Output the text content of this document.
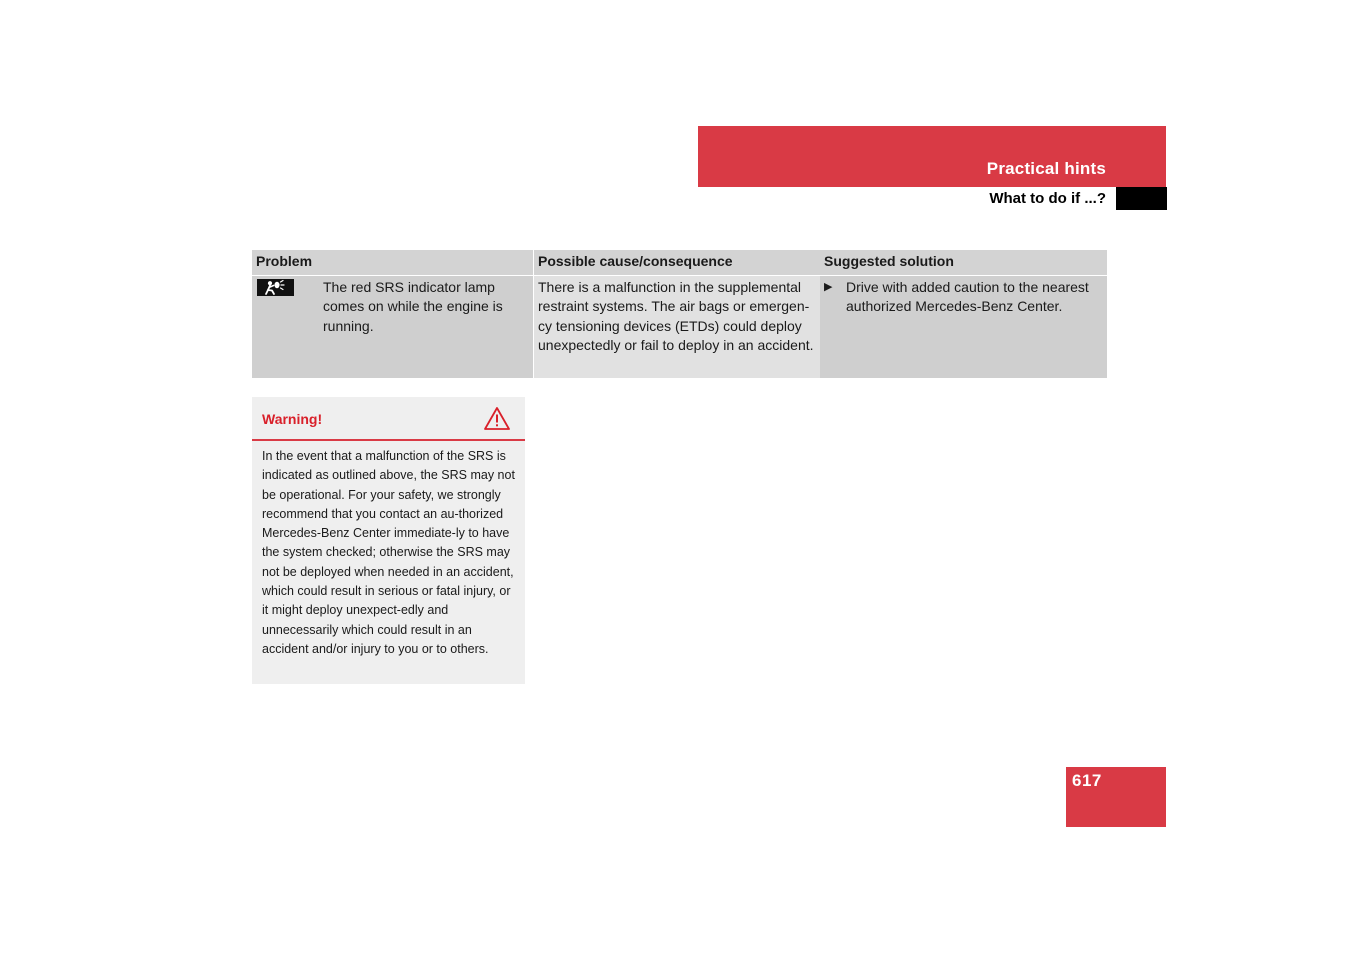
Practical hints
What to do if ...?
Problem	Possible cause/consequence	Suggested solution
The red SRS indicator lamp comes on while the engine is running.
There is a malfunction in the supplemental restraint systems. The air bags or emergen-cy tensioning devices (ETDs) could deploy unexpectedly or fail to deploy in an accident.
▶ Drive with added caution to the nearest authorized Mercedes-Benz Center.
Warning!
In the event that a malfunction of the SRS is indicated as outlined above, the SRS may not be operational. For your safety, we strongly recommend that you contact an au-thorized Mercedes-Benz Center immediate-ly to have the system checked; otherwise the SRS may not be deployed when needed in an accident, which could result in serious or fatal injury, or it might deploy unexpect-edly and unnecessarily which could result in an accident and/or injury to you or to others.
617
